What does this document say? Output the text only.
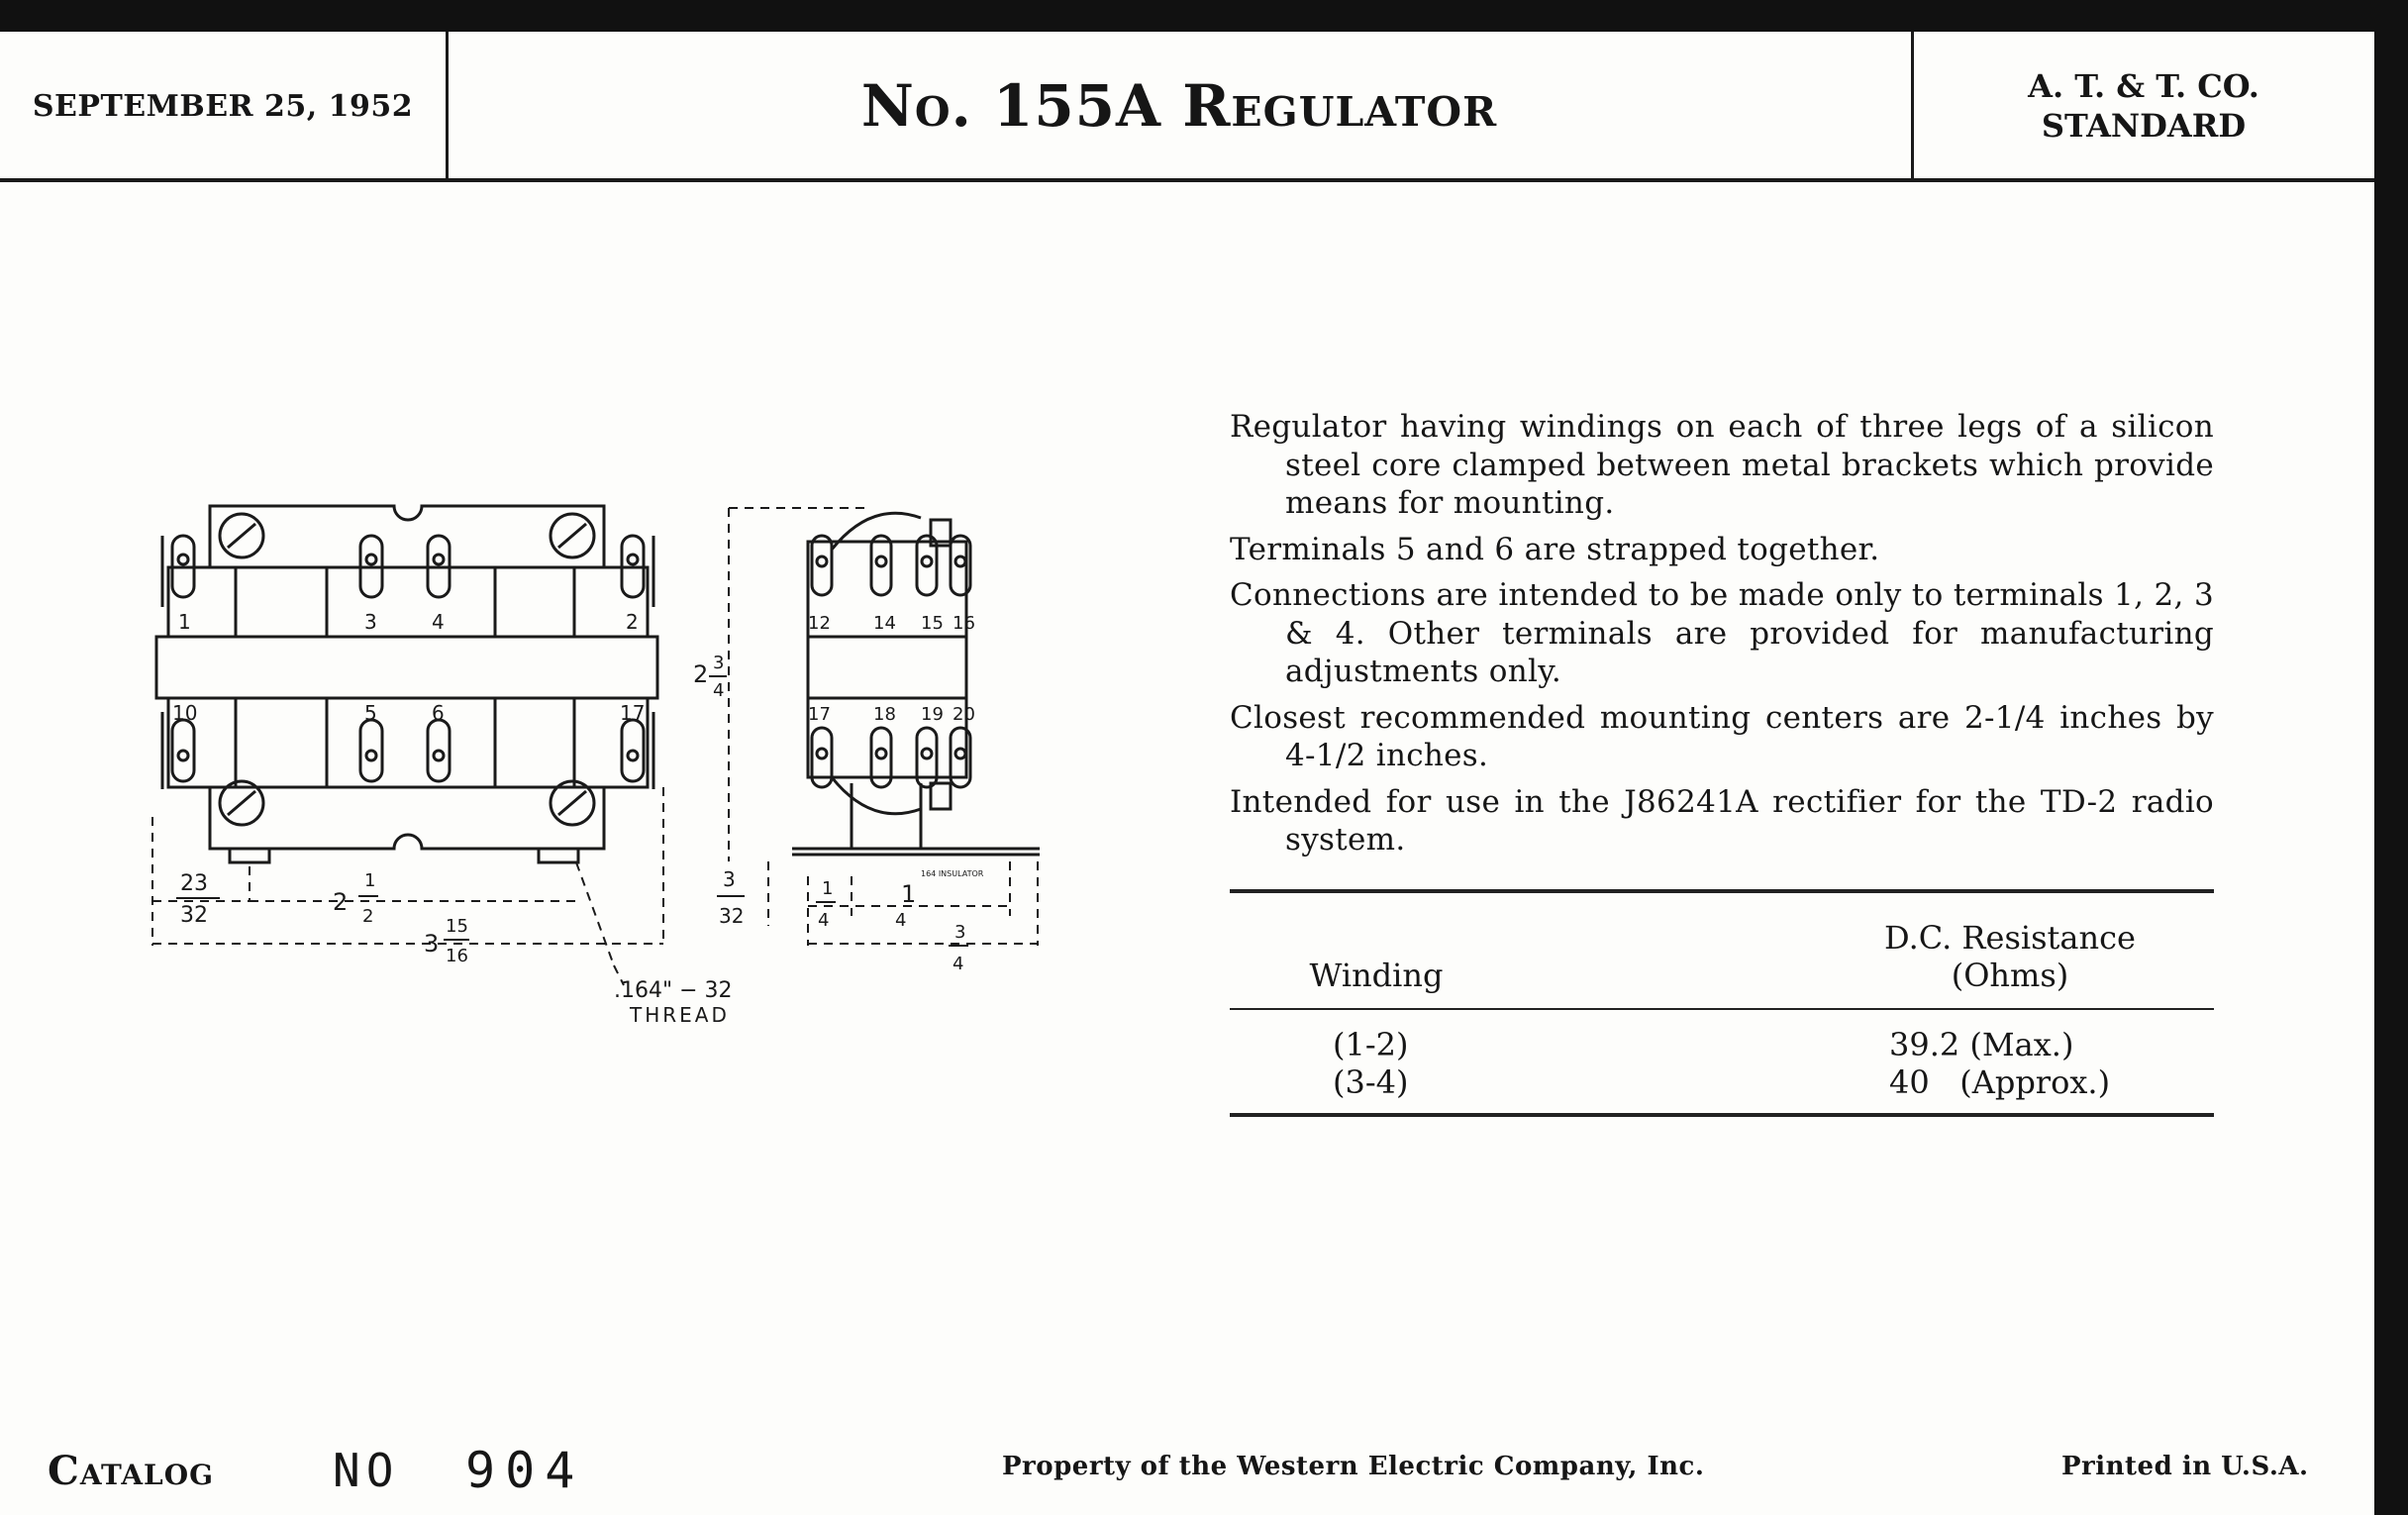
SEPTEMBER 25, 1952	No. 155A Regulator	A. T. & T. CO.
STANDARD
1	3	4	2
10	5	6	17
23
32	2
1
2
3
15
16
.164" − 32
THREAD
12 14 15 16
17 18 19 20
2 3
4
3
32
1
4
1
4
3
4
164 INSULATOR

Regulator having windings on each of three legs of a silicon steel core clamped between metal brackets which provide means for mounting.

Terminals 5 and 6 are strapped together.

Connections are intended to be made only to terminals 1, 2, 3 & 4. Other terminals are provided for manufacturing adjustments only.

Closest recommended mounting centers are 2-1/4 inches by 4-1/2 inches.

Intended for use in the J86241A rectifier for the TD-2 radio system.

Winding
D.C. Resistance
(Ohms)
(1-2)	39.2 (Max.)
(3-4)	40   (Approx.)
Catalog	NO 904	Property of the Western Electric Company, Inc.	Printed in U.S.A.
